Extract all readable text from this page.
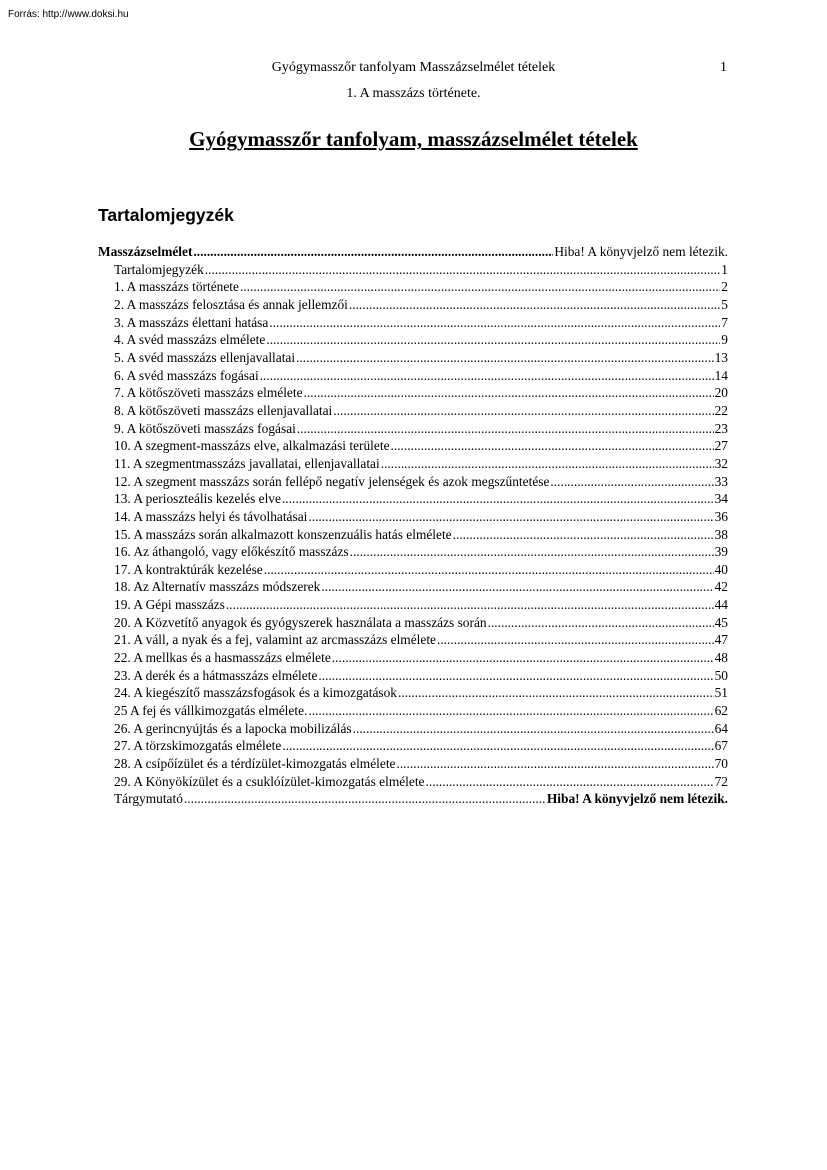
Forrás: http://www.doksi.hu
Gyógymasszőr tanfolyam Masszázselmélet tételek	1
1. A masszázs története.
Gyógymasszőr tanfolyam, masszázselmélet tételek
Tartalomjegyzék
Masszázselmélet .....	Hiba! A könyvjelző nem létezik.
Tartalomjegyzék .....	1
1. A masszázs története .....	2
2. A masszázs felosztása és annak jellemzői .....	5
3. A masszázs élettani hatása .....	7
4. A svéd masszázs elmélete .....	9
5. A svéd masszázs ellenjavallatai .....	13
6. A svéd masszázs fogásai .....	14
7. A kötőszöveti masszázs elmélete .....	20
8. A kötőszöveti masszázs ellenjavallatai .....	22
9. A kötőszöveti masszázs fogásai .....	23
10. A szegment-masszázs elve, alkalmazási területe .....	27
11. A szegmentmasszázs javallatai, ellenjavallatai .....	32
12. A szegment masszázs során fellépő negatív jelenségek és azok megszűntetése .....	33
13. A perioszteális kezelés elve .....	34
14. A masszázs helyi és távolhatásai .....	36
15. A masszázs során alkalmazott konszenzuális hatás elmélete .....	38
16. Az áthangoló, vagy előkészítő masszázs .....	39
17. A kontraktúrák kezelése .....	40
18. Az Alternatív masszázs módszerek .....	42
19. A Gépi masszázs .....	44
20. A Közvetítő anyagok és gyógyszerek használata a masszázs során .....	45
21. A váll, a nyak és a fej, valamint az arcmasszázs elmélete .....	47
22. A mellkas és a hasmasszázs elmélete .....	48
23. A derék és a hátmasszázs elmélete .....	50
24. A kiegészítő masszázsfogások és a kimozgatások .....	51
25 A fej és vállkimozgatás elmélete. .....	62
26. A gerincnyújtás és a lapocka mobilizálás .....	64
27. A törzskimozgatás elmélete .....	67
28. A csípőízület és a térdízület-kimozgatás elmélete .....	70
29. A Könyökízület és a csuklóízület-kimozgatás elmélete .....	72
Tárgymutató .....	Hiba! A könyvjelző nem létezik.
